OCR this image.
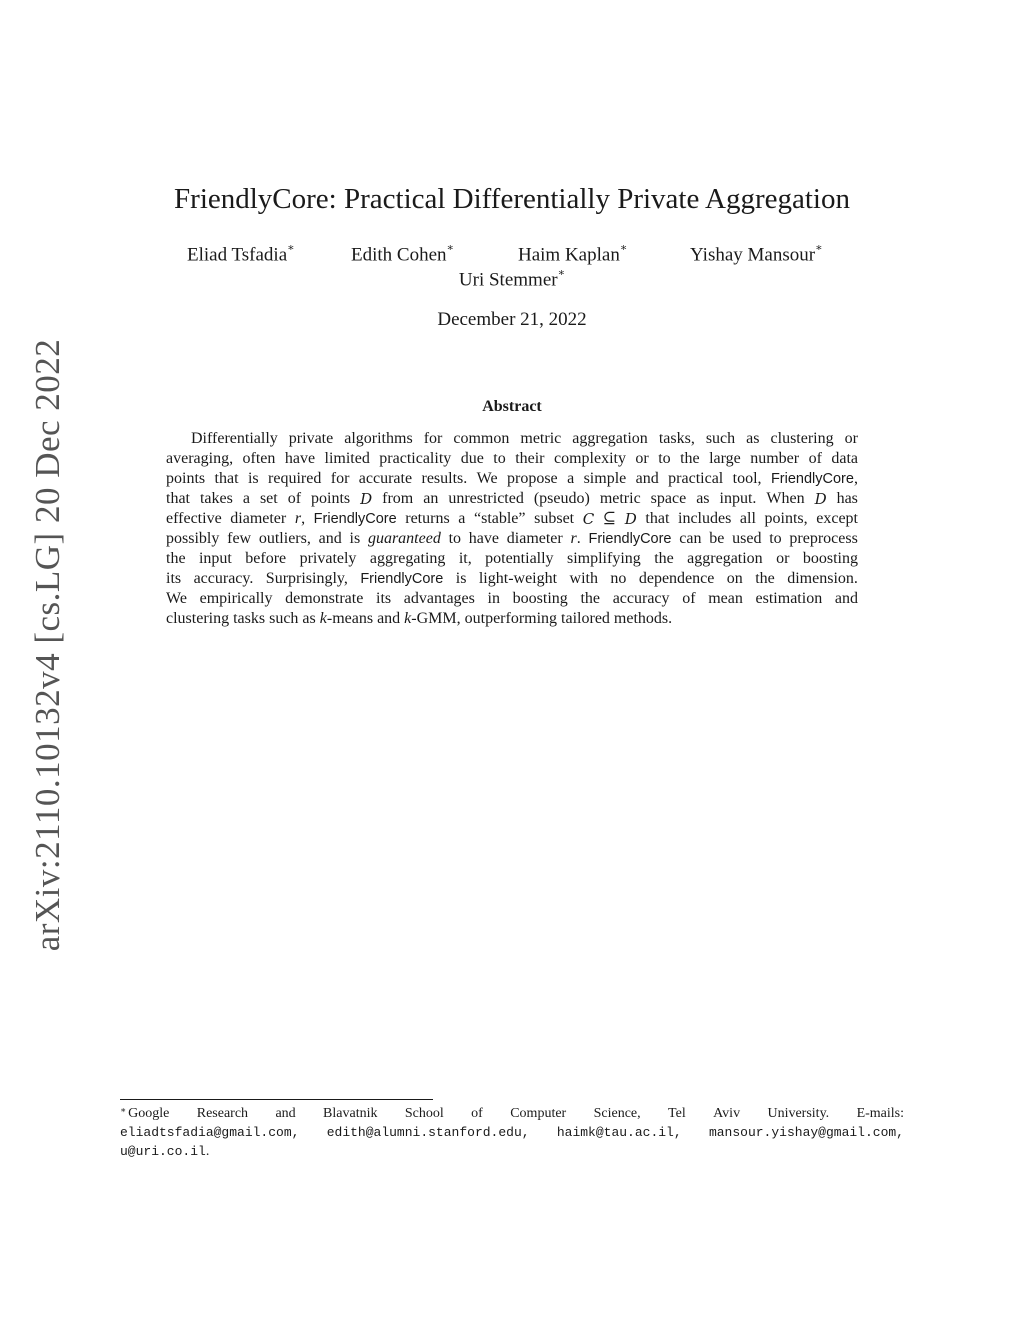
arXiv:2110.10132v4 [cs.LG] 20 Dec 2022
FriendlyCore: Practical Differentially Private Aggregation
Eliad Tsfadia∗	Edith Cohen∗	Haim Kaplan∗	Yishay Mansour∗
Uri Stemmer∗
December 21, 2022
Abstract
Differentially private algorithms for common metric aggregation tasks, such as clustering or
averaging, often have limited practicality due to their complexity or to the large number of data
points that is required for accurate results. We propose a simple and practical tool, FriendlyCore,
that takes a set of points D from an unrestricted (pseudo) metric space as input. When D has
effective diameter r, FriendlyCore returns a “stable” subset C ⊆ D that includes all points, except
possibly few outliers, and is guaranteed to have diameter r. FriendlyCore can be used to preprocess
the input before privately aggregating it, potentially simplifying the aggregation or boosting
its accuracy. Surprisingly, FriendlyCore is light-weight with no dependence on the dimension.
We empirically demonstrate its advantages in boosting the accuracy of mean estimation and
clustering
tasks
such
as
k-means
and
k-GMM,
outperforming
tailored
methods.
∗ Google Research and Blavatnik School of Computer Science, Tel Aviv University. E-mails:
eliadtsfadia@gmail.com, edith@alumni.stanford.edu, haimk@tau.ac.il, mansour.yishay@gmail.com,
u@uri.co.il .
